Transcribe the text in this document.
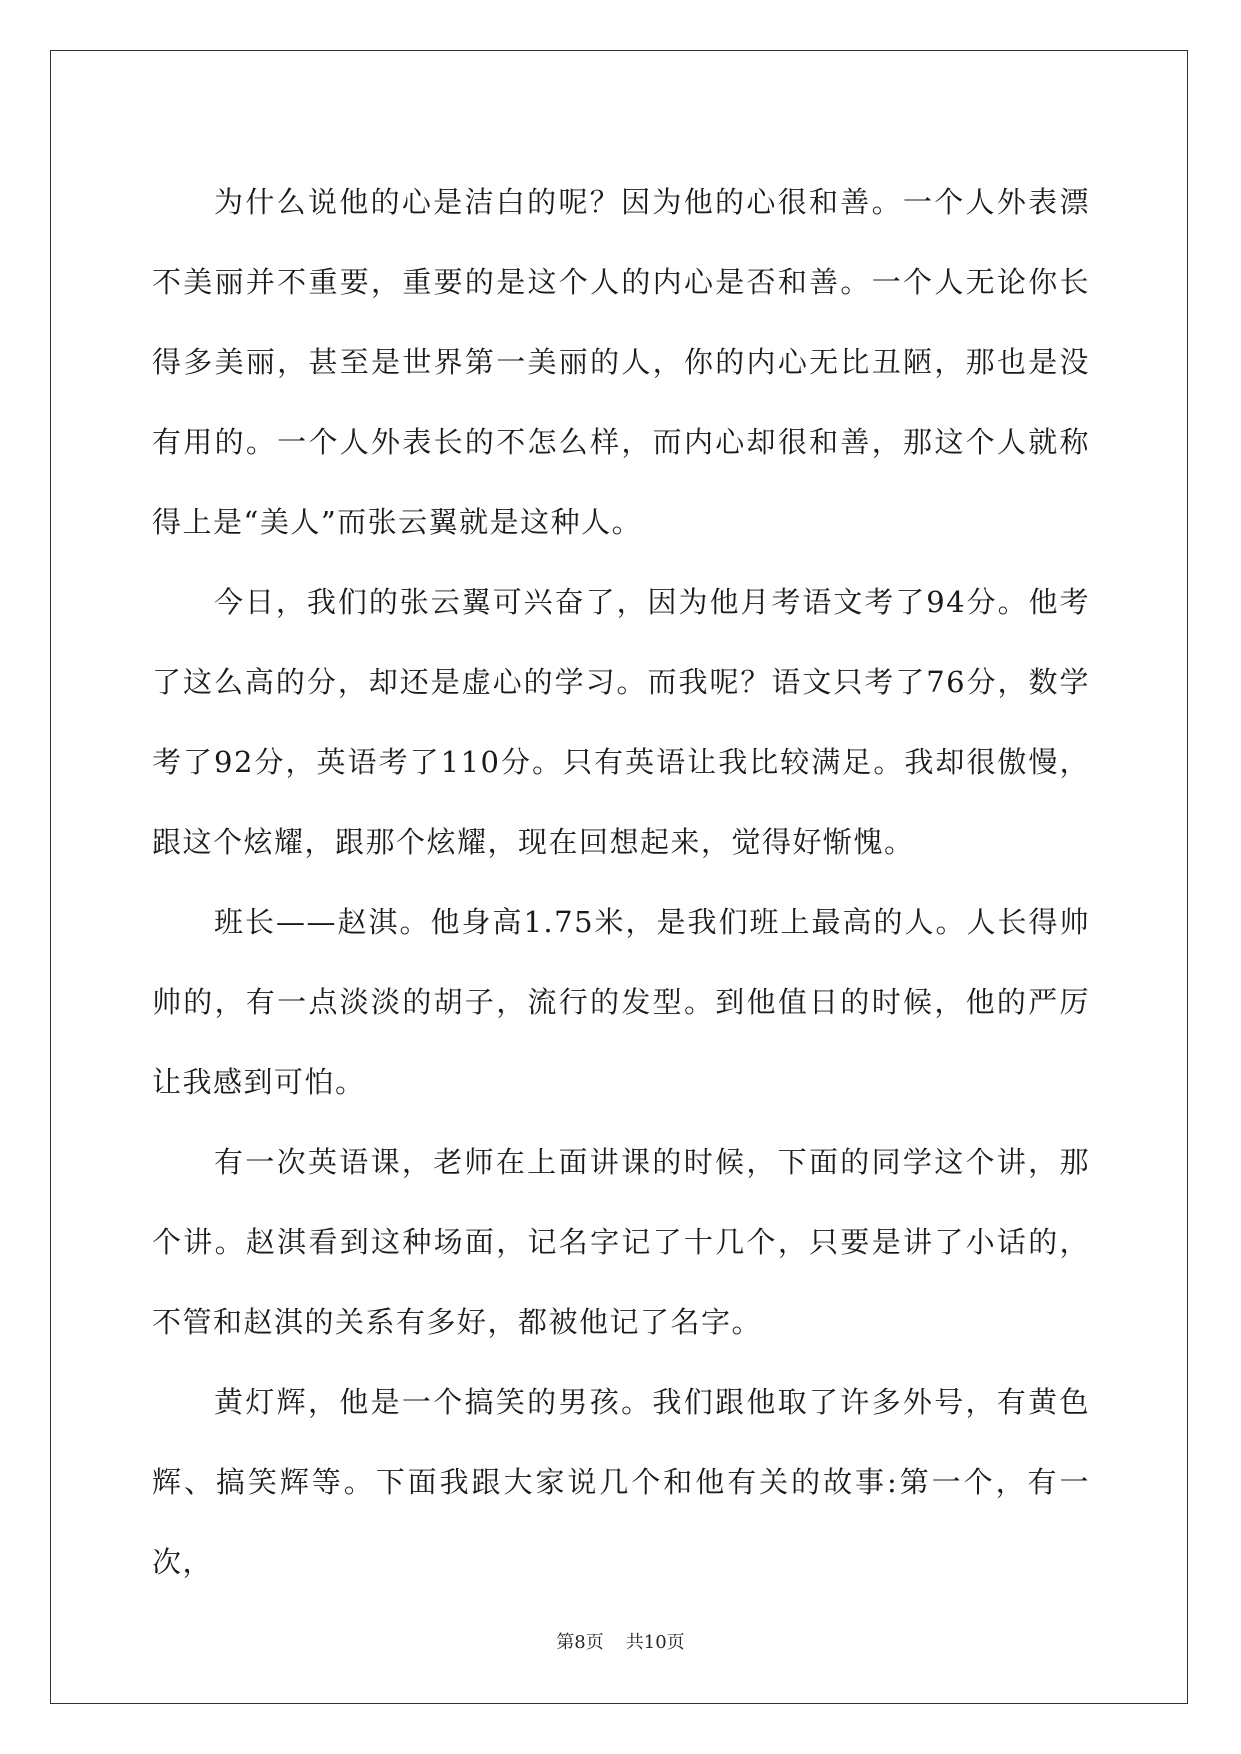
为什么说他的心是洁白的呢？因为他的心很和善。一个人外表漂不美丽并不重要，重要的是这个人的内心是否和善。一个人无论你长得多美丽，甚至是世界第一美丽的人，你的内心无比丑陋，那也是没有用的。一个人外表长的不怎么样，而内心却很和善，那这个人就称得上是“美人”而张云翼就是这种人。

今日，我们的张云翼可兴奋了，因为他月考语文考了94分。他考了这么高的分，却还是虚心的学习。而我呢？语文只考了76分，数学考了92分，英语考了110分。只有英语让我比较满足。我却很傲慢，跟这个炫耀，跟那个炫耀，现在回想起来，觉得好惭愧。

班长——赵淇。他身高1.75米，是我们班上最高的人。人长得帅帅的，有一点淡淡的胡子，流行的发型。到他值日的时候，他的严厉让我感到可怕。

有一次英语课，老师在上面讲课的时候，下面的同学这个讲，那个讲。赵淇看到这种场面，记名字记了十几个，只要是讲了小话的，不管和赵淇的关系有多好，都被他记了名字。

黄灯辉，他是一个搞笑的男孩。我们跟他取了许多外号，有黄色辉、搞笑辉等。下面我跟大家说几个和他有关的故事:第一个，有一次，

第8页 共10页
